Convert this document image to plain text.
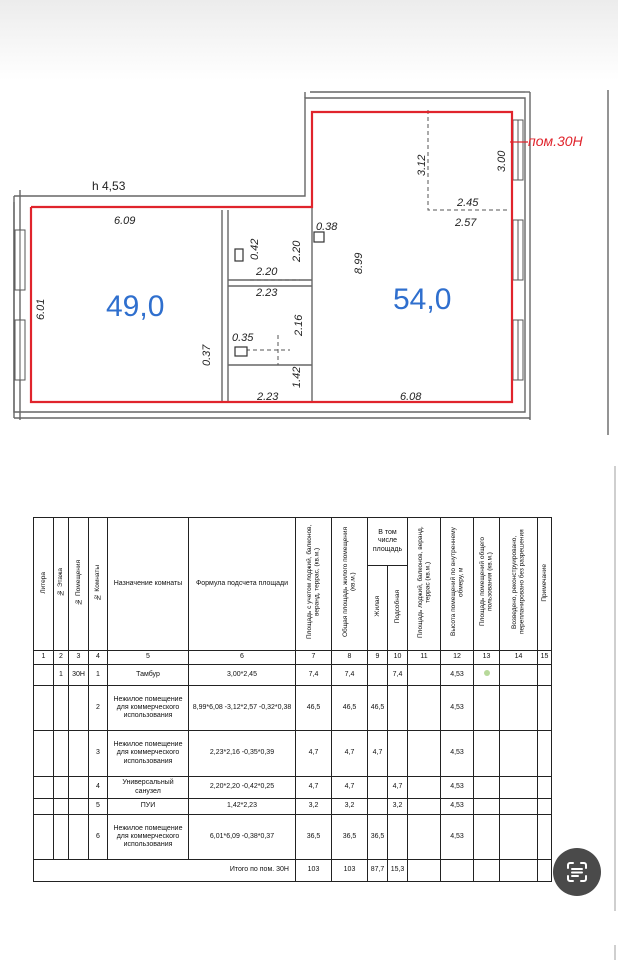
h 4,53
6.09
6.01
2.23	6.08
3.00
3.12
2.45
2.57
8.99
0.38
0.42	2.20
2.20
2.23
2.16
0.35
0.37
1.42
49,0	54,0
пом.30Н
Литера	№ Этажа	№ Помещения	№ Комнаты	Назначение комнаты	Формула подсчета площади	Площадь с учетом лоджий, балконов, веранд, террас, (кв.м.)	Общая площадь жилого помещения (кв.м.)	В том числе площадь		Площадь лоджий, балконов, веранд, террас (кв.м.)	Высота помещений по внутреннему обмеру, м	Площадь помещений общего пользования (кв.м.)	Возведено, реконструировано, перепланировано без разрешения	Примечание
								Жилая	Подсобная					
1	2	3	4	5	6	7	8	9	10	11	12	13	14	15
	1	30Н	1	Тамбур	3,00*2,45	7,4	7,4		7,4		4,53			
			2	Нежилое помещение для коммерческого использования	8,99*6,08 -3,12*2,57 -0,32*0,38	46,5	46,5	46,5			4,53			
			3	Нежилое помещение для коммерческого использования	2,23*2,16 -0,35*0,39	4,7	4,7	4,7			4,53			
			4	Универсальный санузел	2,20*2,20 -0,42*0,25	4,7	4,7		4,7		4,53			
			5	ПУИ	1,42*2,23	3,2	3,2		3,2		4,53			
			6	Нежилое помещение для коммерческого использования	6,01*6,09 -0,38*0,37	36,5	36,5	36,5			4,53			
Итого по пом. 30Н						103	103	87,7	15,3					
